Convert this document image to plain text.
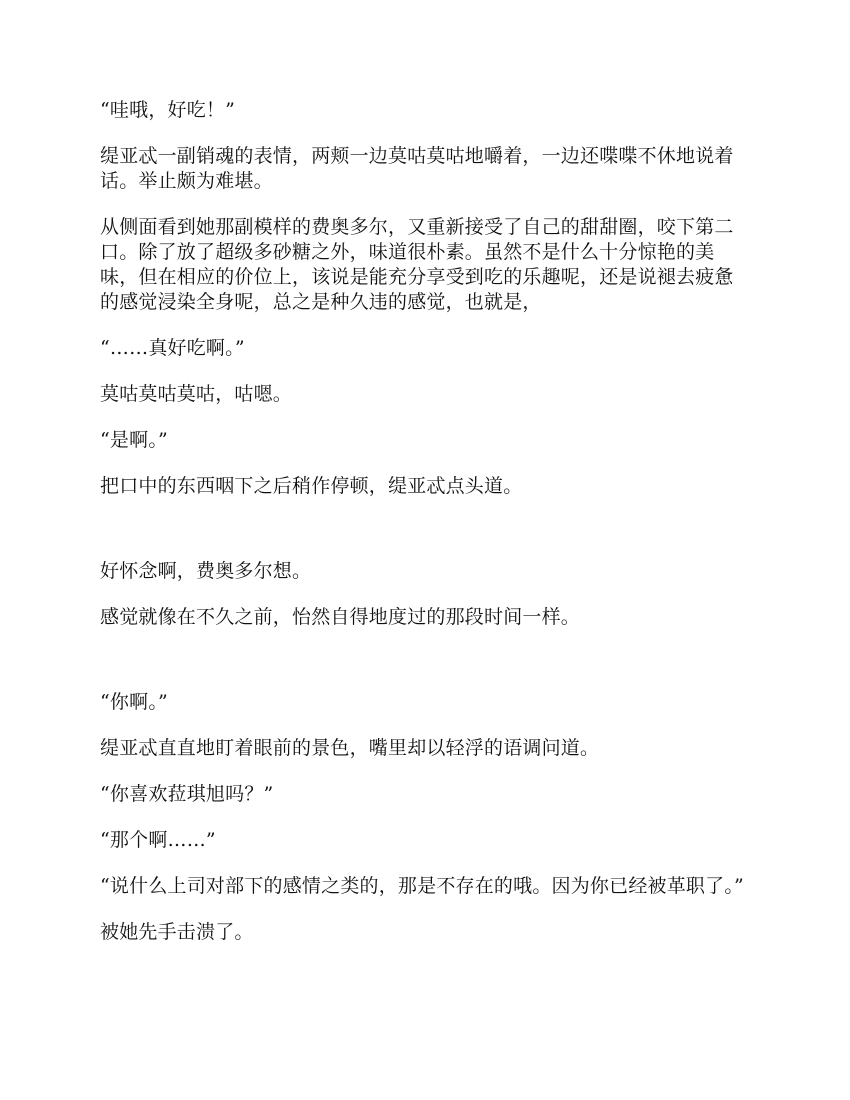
“哇哦，好吃！”

缇亚忒一副销魂的表情，两颊一边莫咕莫咕地嚼着，一边还喋喋不休地说着话。举止颇为难堪。

从侧面看到她那副模样的费奥多尔，又重新接受了自己的甜甜圈，咬下第二口。除了放了超级多砂糖之外，味道很朴素。虽然不是什么十分惊艳的美味，但在相应的价位上，该说是能充分享受到吃的乐趣呢，还是说褪去疲惫的感觉浸染全身呢，总之是种久违的感觉，也就是，

“……真好吃啊。”

莫咕莫咕莫咕，咕嗯。

“是啊。”

把口中的东西咽下之后稍作停顿，缇亚忒点头道。

好怀念啊，费奥多尔想。

感觉就像在不久之前，怡然自得地度过的那段时间一样。

“你啊。”

缇亚忒直直地盯着眼前的景色，嘴里却以轻浮的语调问道。

“你喜欢菈琪旭吗？”

“那个啊……”

“说什么上司对部下的感情之类的，那是不存在的哦。因为你已经被革职了。”

被她先手击溃了。
